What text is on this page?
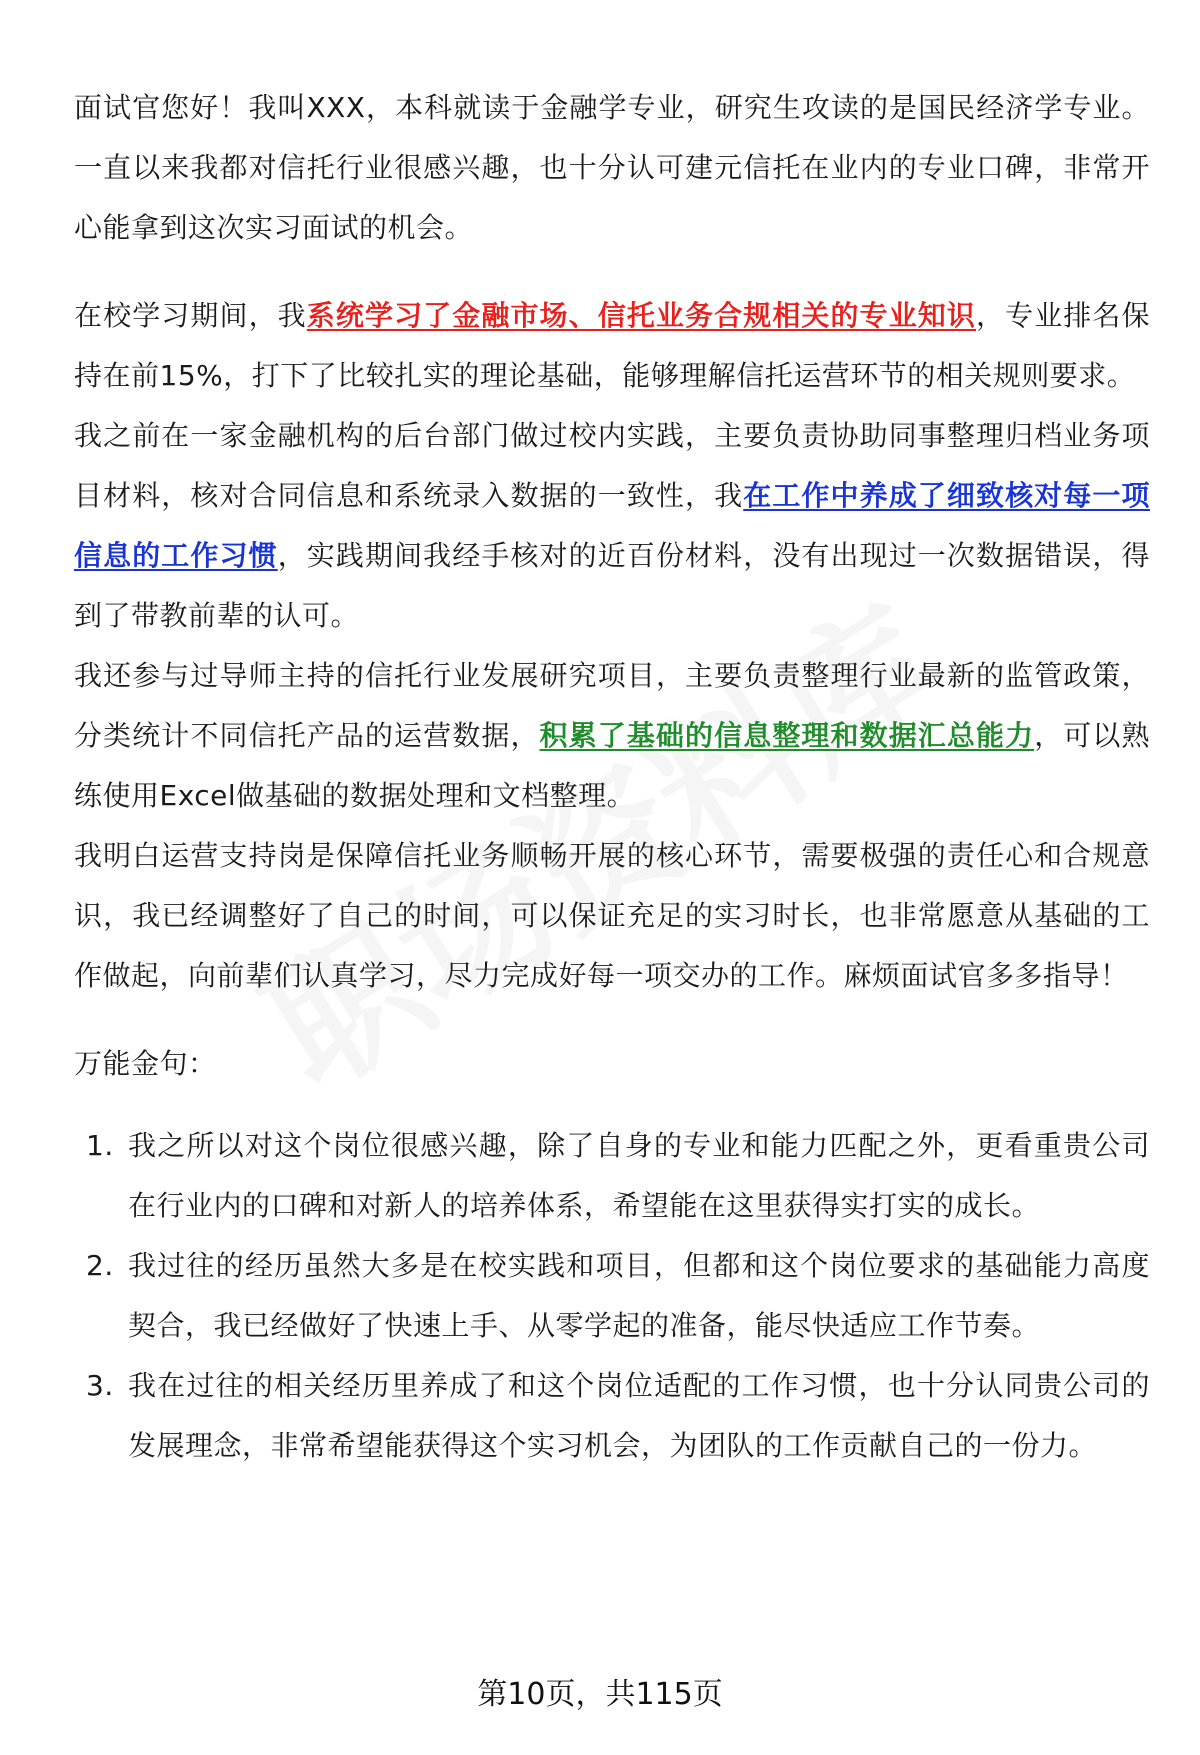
面试官您好！我叫XXX，本科就读于金融学专业，研究生攻读的是国民经济学专业。一直以来我都对信托行业很感兴趣，也十分认可建元信托在业内的专业口碑，非常开心能拿到这次实习面试的机会。

在校学习期间，我系统学习了金融市场、信托业务合规相关的专业知识，专业排名保持在前15%，打下了比较扎实的理论基础，能够理解信托运营环节的相关规则要求。

我之前在一家金融机构的后台部门做过校内实践，主要负责协助同事整理归档业务项目材料，核对合同信息和系统录入数据的一致性，我在工作中养成了细致核对每一项信息的工作习惯，实践期间我经手核对的近百份材料，没有出现过一次数据错误，得到了带教前辈的认可。

我还参与过导师主持的信托行业发展研究项目，主要负责整理行业最新的监管政策，分类统计不同信托产品的运营数据，积累了基础的信息整理和数据汇总能力，可以熟练使用Excel做基础的数据处理和文档整理。

我明白运营支持岗是保障信托业务顺畅开展的核心环节，需要极强的责任心和合规意识，我已经调整好了自己的时间，可以保证充足的实习时长，也非常愿意从基础的工作做起，向前辈们认真学习，尽力完成好每一项交办的工作。麻烦面试官多多指导！

万能金句：

1. 我之所以对这个岗位很感兴趣，除了自身的专业和能力匹配之外，更看重贵公司在行业内的口碑和对新人的培养体系，希望能在这里获得实打实的成长。
2. 我过往的经历虽然大多是在校实践和项目，但都和这个岗位要求的基础能力高度契合，我已经做好了快速上手、从零学起的准备，能尽快适应工作节奏。
3. 我在过往的相关经历里养成了和这个岗位适配的工作习惯，也十分认同贵公司的发展理念，非常希望能获得这个实习机会，为团队的工作贡献自己的一份力。
第10页，共115页
